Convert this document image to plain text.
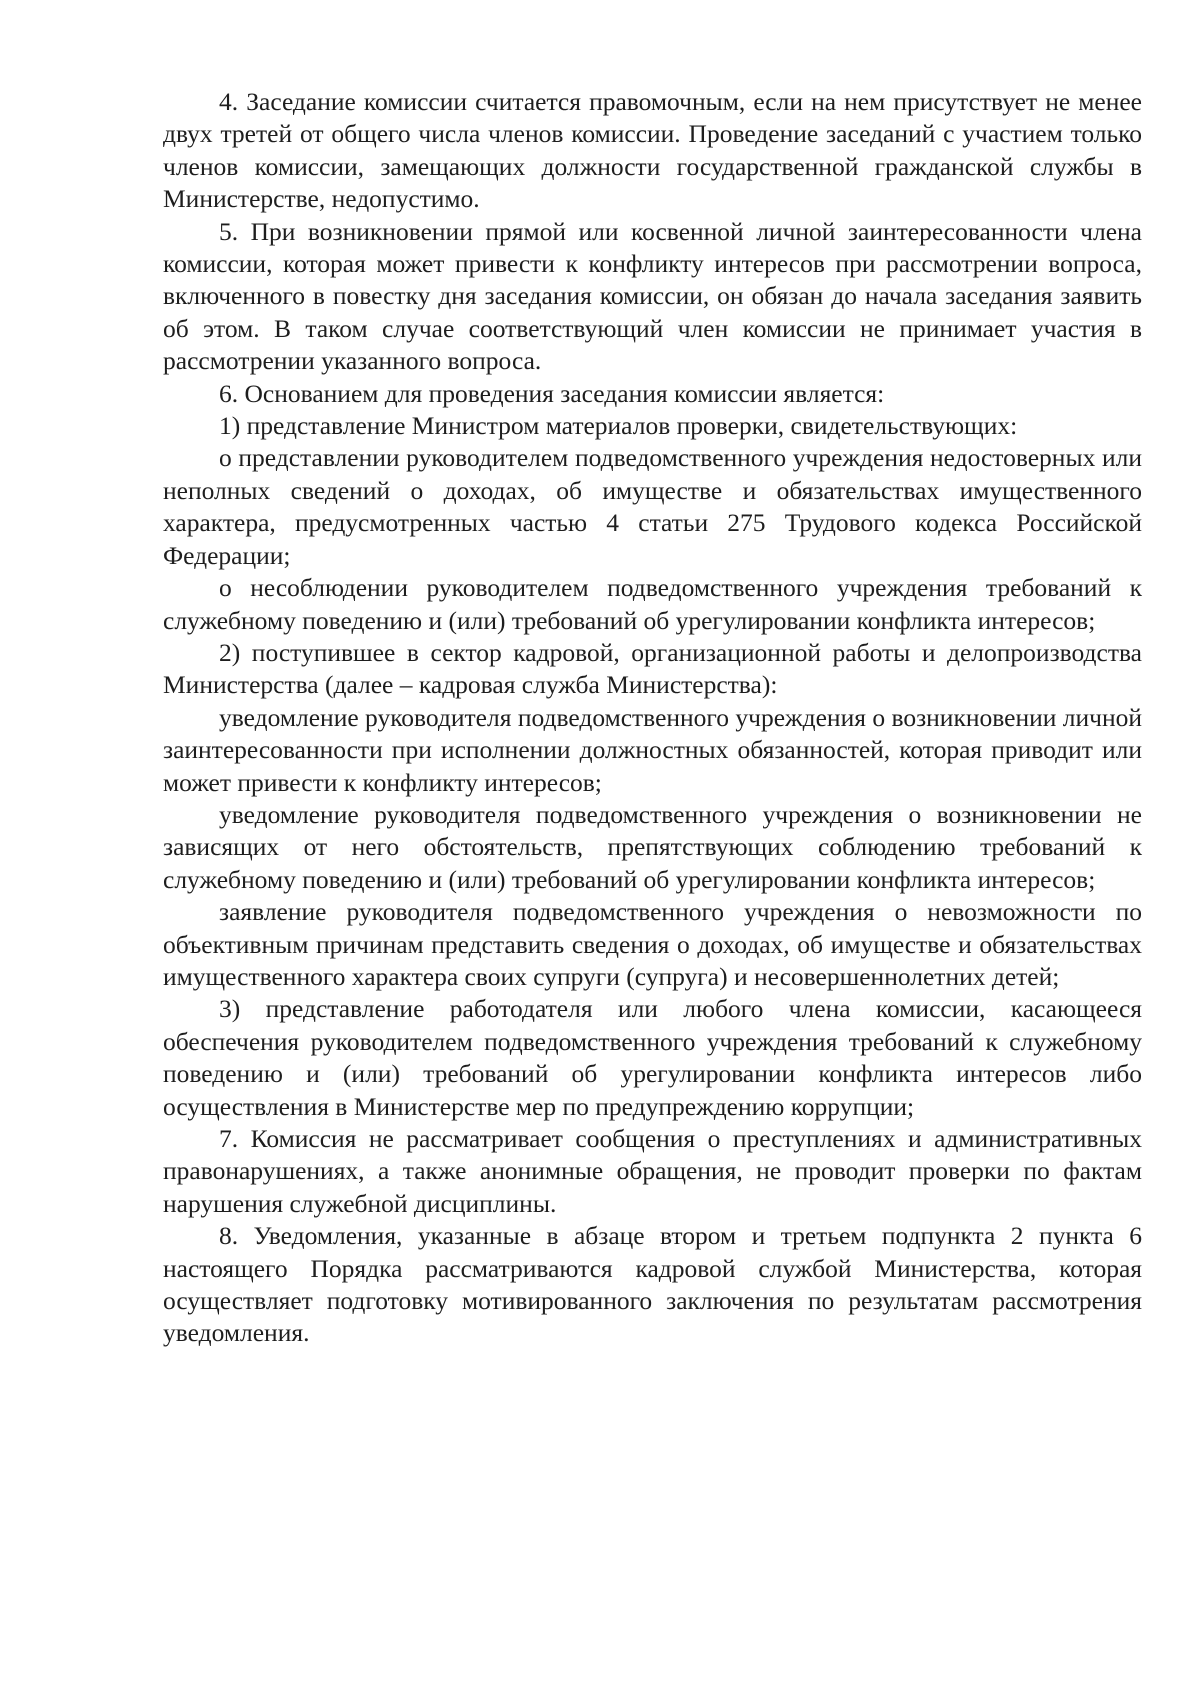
4. Заседание комиссии считается правомочным, если на нем присутствует не менее двух третей от общего числа членов комиссии. Проведение заседаний с участием только членов комиссии, замещающих должности государственной гражданской службы в Министерстве, недопустимо.

5. При возникновении прямой или косвенной личной заинтересованности члена комиссии, которая может привести к конфликту интересов при рассмотрении вопроса, включенного в повестку дня заседания комиссии, он обязан до начала заседания заявить об этом. В таком случае соответствующий член комиссии не принимает участия в рассмотрении указанного вопроса.

6. Основанием для проведения заседания комиссии является:

1) представление Министром материалов проверки, свидетельствующих:

о представлении руководителем подведомственного учреждения недостоверных или неполных сведений о доходах, об имуществе и обязательствах имущественного характера, предусмотренных частью 4 статьи 275 Трудового кодекса Российской Федерации;

о несоблюдении руководителем подведомственного учреждения требований к служебному поведению и (или) требований об урегулировании конфликта интересов;

2) поступившее в сектор кадровой, организационной работы и делопроизводства Министерства (далее – кадровая служба Министерства):

уведомление руководителя подведомственного учреждения о возникновении личной заинтересованности при исполнении должностных обязанностей, которая приводит или может привести к конфликту интересов;

уведомление руководителя подведомственного учреждения о возникновении не зависящих от него обстоятельств, препятствующих соблюдению требований к служебному поведению и (или) требований об урегулировании конфликта интересов;

заявление руководителя подведомственного учреждения о невозможности по объективным причинам представить сведения о доходах, об имуществе и обязательствах имущественного характера своих супруги (супруга) и несовершеннолетних детей;

3) представление работодателя или любого члена комиссии, касающееся обеспечения руководителем подведомственного учреждения требований к служебному поведению и (или) требований об урегулировании конфликта интересов либо осуществления в Министерстве мер по предупреждению коррупции;

7. Комиссия не рассматривает сообщения о преступлениях и административных правонарушениях, а также анонимные обращения, не проводит проверки по фактам нарушения служебной дисциплины.

8. Уведомления, указанные в абзаце втором и третьем подпункта 2 пункта 6 настоящего Порядка рассматриваются кадровой службой Министерства, которая осуществляет подготовку мотивированного заключения по результатам рассмотрения уведомления.
